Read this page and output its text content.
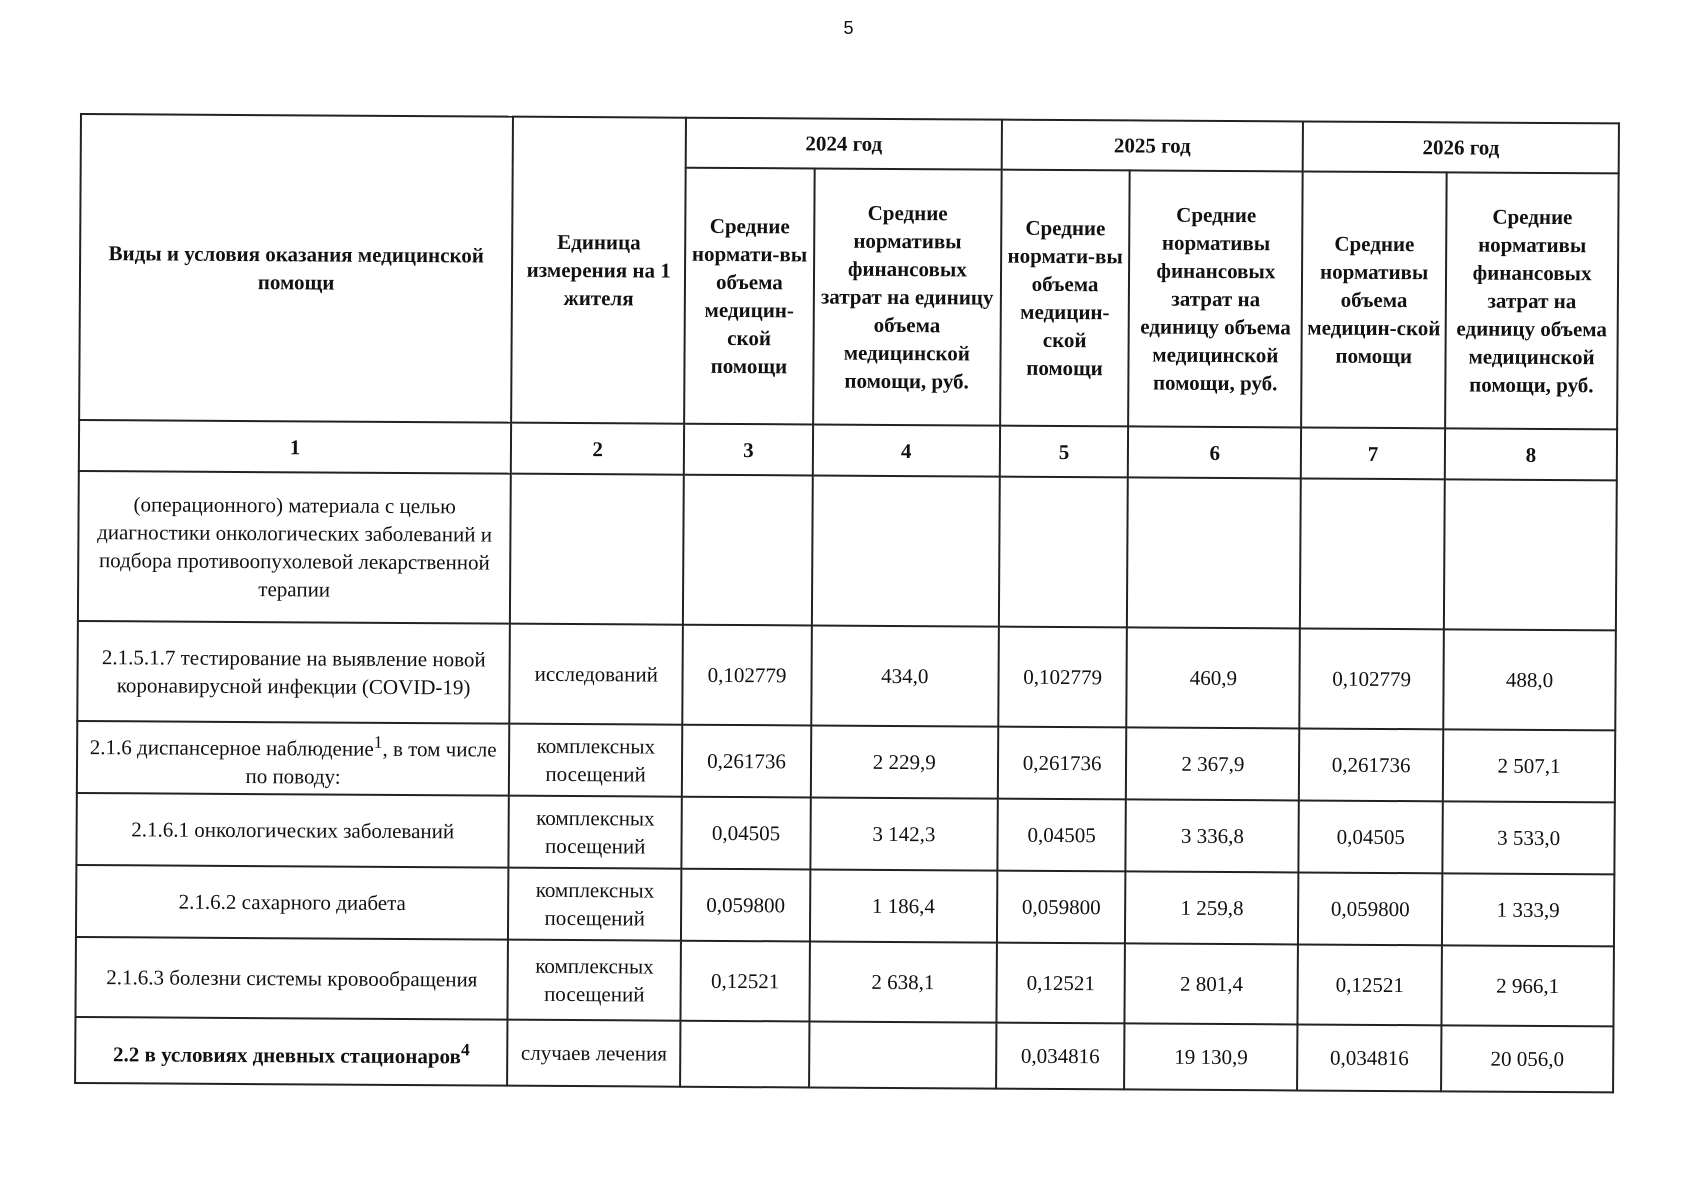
5
Виды и условия оказания медицинской помощи	Единица измерения на 1 жителя	2024 год		2025 год		2026 год	
		Средние нормати-вы объема медицин-ской помощи	Средние нормативы финансовых затрат на единицу объема медицинской помощи, руб.	Средние нормати-вы объема медицин-ской помощи	Средние нормативы финансовых затрат на единицу объема медицинской помощи, руб.	Средние нормативы объема медицин-ской помощи	Средние нормативы финансовых затрат на единицу объема медицинской помощи, руб.
1	2	3	4	5	6	7	8
(операционного) материала с целью диагностики онкологических заболеваний и подбора противоопухолевой лекарственной терапии							
2.1.5.1.7 тестирование на выявление новой коронавирусной инфекции (COVID-19)	исследований	0,102779	434,0	0,102779	460,9	0,102779	488,0
2.1.6 диспансерное наблюдение$^1$, в том числе по поводу:	комплексных посещений	0,261736	2 229,9	0,261736	2 367,9	0,261736	2 507,1
2.1.6.1 онкологических заболеваний	комплексных посещений	0,04505	3 142,3	0,04505	3 336,8	0,04505	3 533,0
2.1.6.2 сахарного диабета	комплексных посещений	0,059800	1 186,4	0,059800	1 259,8	0,059800	1 333,9
2.1.6.3 болезни системы кровообращения	комплексных посещений	0,12521	2 638,1	0,12521	2 801,4	0,12521	2 966,1
2.2 в условиях дневных стационаров$^4$	случаев лечения			0,034816	19 130,9	0,034816	20 056,0
